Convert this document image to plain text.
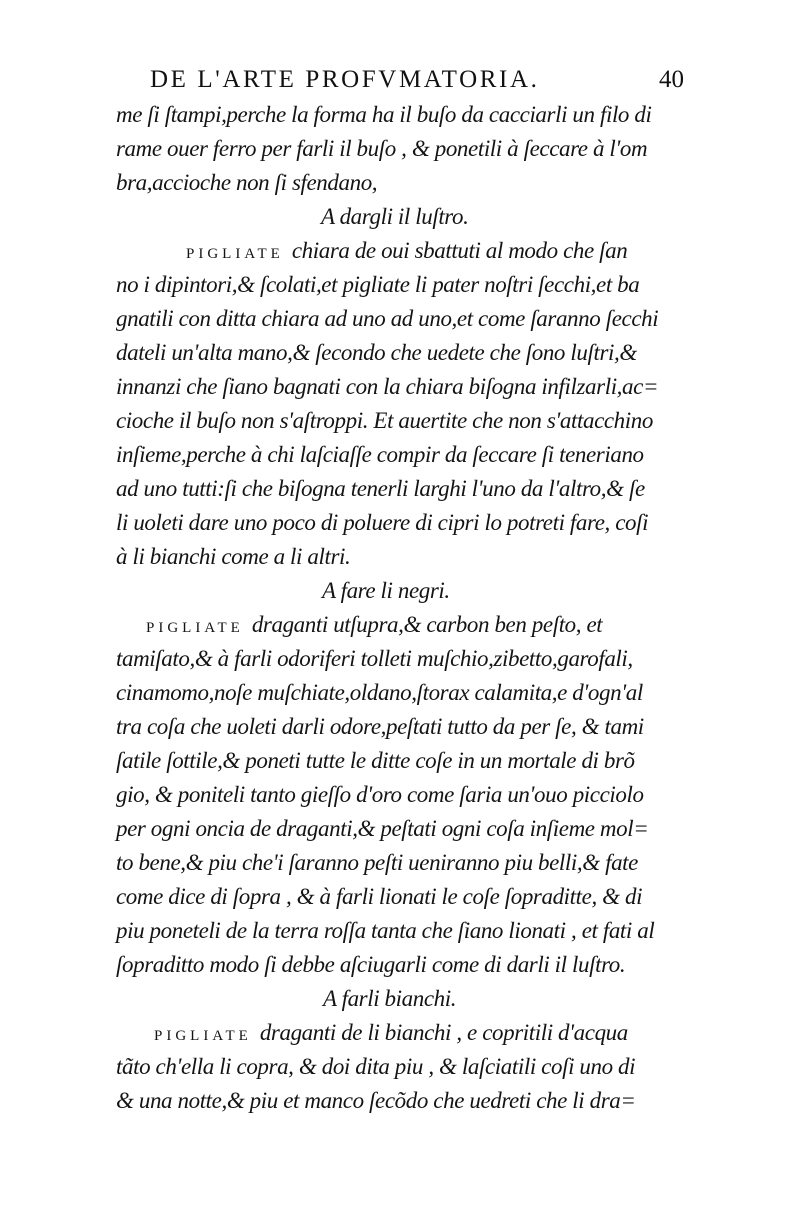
DE L'ARTE PROFVMATORIA.	40
me ſi ſtampi,perche la forma ha il buſo da cacciarli un filo di
rame ouer ferro per farli il buſo , & ponetili à ſeccare à l'om
bra,accioche non ſi sfendano,
A dargli il luſtro.
PIGLIATE chiara de oui sbattuti al modo che ſan
no i dipintori,& ſcolati,et pigliate li pater noſtri ſecchi,et ba
gnatili con ditta chiara ad uno ad uno,et come ſaranno ſecchi
dateli un'alta mano,& ſecondo che uedete che ſono luſtri,&
innanzi che ſiano bagnati con la chiara biſogna infilzarli,ac=
cioche il buſo non s'aſtroppi. Et auertite che non s'attacchino
inſieme,perche à chi laſciaſſe compir da ſeccare ſi teneriano
ad uno tutti:ſi che biſogna tenerli larghi l'uno da l'altro,& ſe
li uoleti dare uno poco di poluere di cipri lo potreti fare, coſi
à li bianchi come a li altri.
A fare li negri.
PIGLIATE draganti utſupra,& carbon ben peſto, et
tamiſato,& à farli odoriferi tolleti muſchio,zibetto,garofali,
cinamomo,noſe muſchiate,oldano,ſtorax calamita,e d'ogn'al
tra coſa che uoleti darli odore,peſtati tutto da per ſe, & tami
ſatile ſottile,& poneti tutte le ditte coſe in un mortale di brõ
gio, & poniteli tanto gieſſo d'oro come ſaria un'ouo picciolo
per ogni oncia de draganti,& peſtati ogni coſa inſieme mol=
to bene,& piu che'i ſaranno peſti ueniranno piu belli,& fate
come dice di ſopra , & à farli lionati le coſe ſopraditte, & di
piu poneteli de la terra roſſa tanta che ſiano lionati , et fati al
ſopraditto modo ſi debbe aſciugarli come di darli il luſtro.
A farli bianchi.
PIGLIATE draganti de li bianchi , e copritili d'acqua
tãto ch'ella li copra, & doi dita piu , & laſciatili coſi uno di
& una notte,& piu et manco ſecõdo che uedreti che li dra=
